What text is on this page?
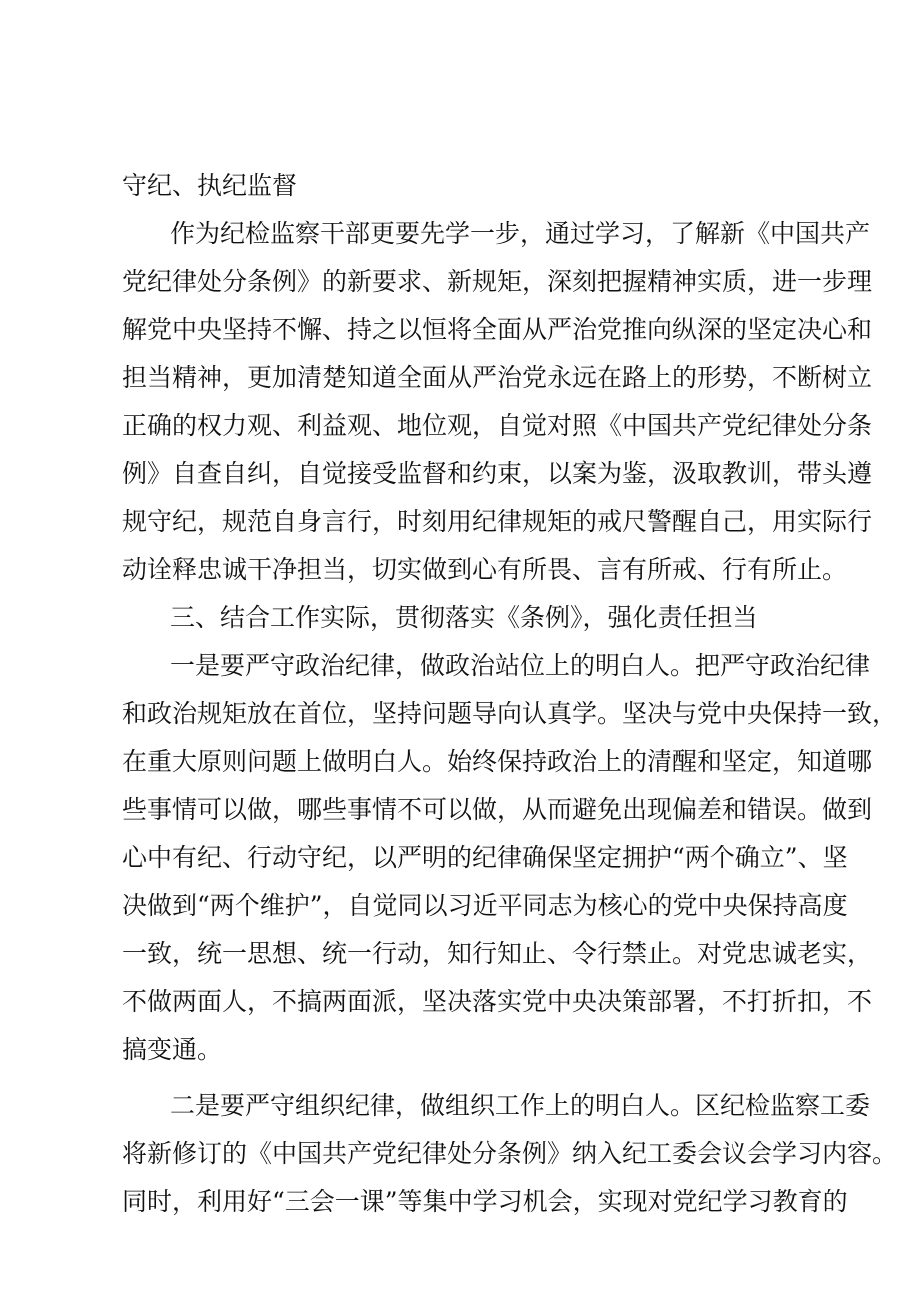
守纪、执纪监督
作为纪检监察干部更要先学一步，通过学习，了解新《中国共产
党纪律处分条例》的新要求、新规矩，深刻把握精神实质，进一步理
解党中央坚持不懈、持之以恒将全面从严治党推向纵深的坚定决心和
担当精神，更加清楚知道全面从严治党永远在路上的形势，不断树立
正确的权力观、利益观、地位观，自觉对照《中国共产党纪律处分条
例》自查自纠，自觉接受监督和约束，以案为鉴，汲取教训，带头遵
规守纪，规范自身言行，时刻用纪律规矩的戒尺警醒自己，用实际行
动诠释忠诚干净担当，切实做到心有所畏、言有所戒、行有所止。
三、结合工作实际，贯彻落实《条例》，强化责任担当
一是要严守政治纪律，做政治站位上的明白人。把严守政治纪律
和政治规矩放在首位，坚持问题导向认真学。坚决与党中央保持一致，
在重大原则问题上做明白人。始终保持政治上的清醒和坚定，知道哪
些事情可以做，哪些事情不可以做，从而避免出现偏差和错误。做到
心中有纪、行动守纪，以严明的纪律确保坚定拥护“两个确立”、坚
决做到“两个维护”，自觉同以习近平同志为核心的党中央保持高度
一致，统一思想、统一行动，知行知止、令行禁止。对党忠诚老实，
不做两面人，不搞两面派，坚决落实党中央决策部署，不打折扣，不
搞变通。
二是要严守组织纪律，做组织工作上的明白人。区纪检监察工委
将新修订的《中国共产党纪律处分条例》纳入纪工委会议会学习内容。
同时，利用好“三会一课”等集中学习机会，实现对党纪学习教育的
